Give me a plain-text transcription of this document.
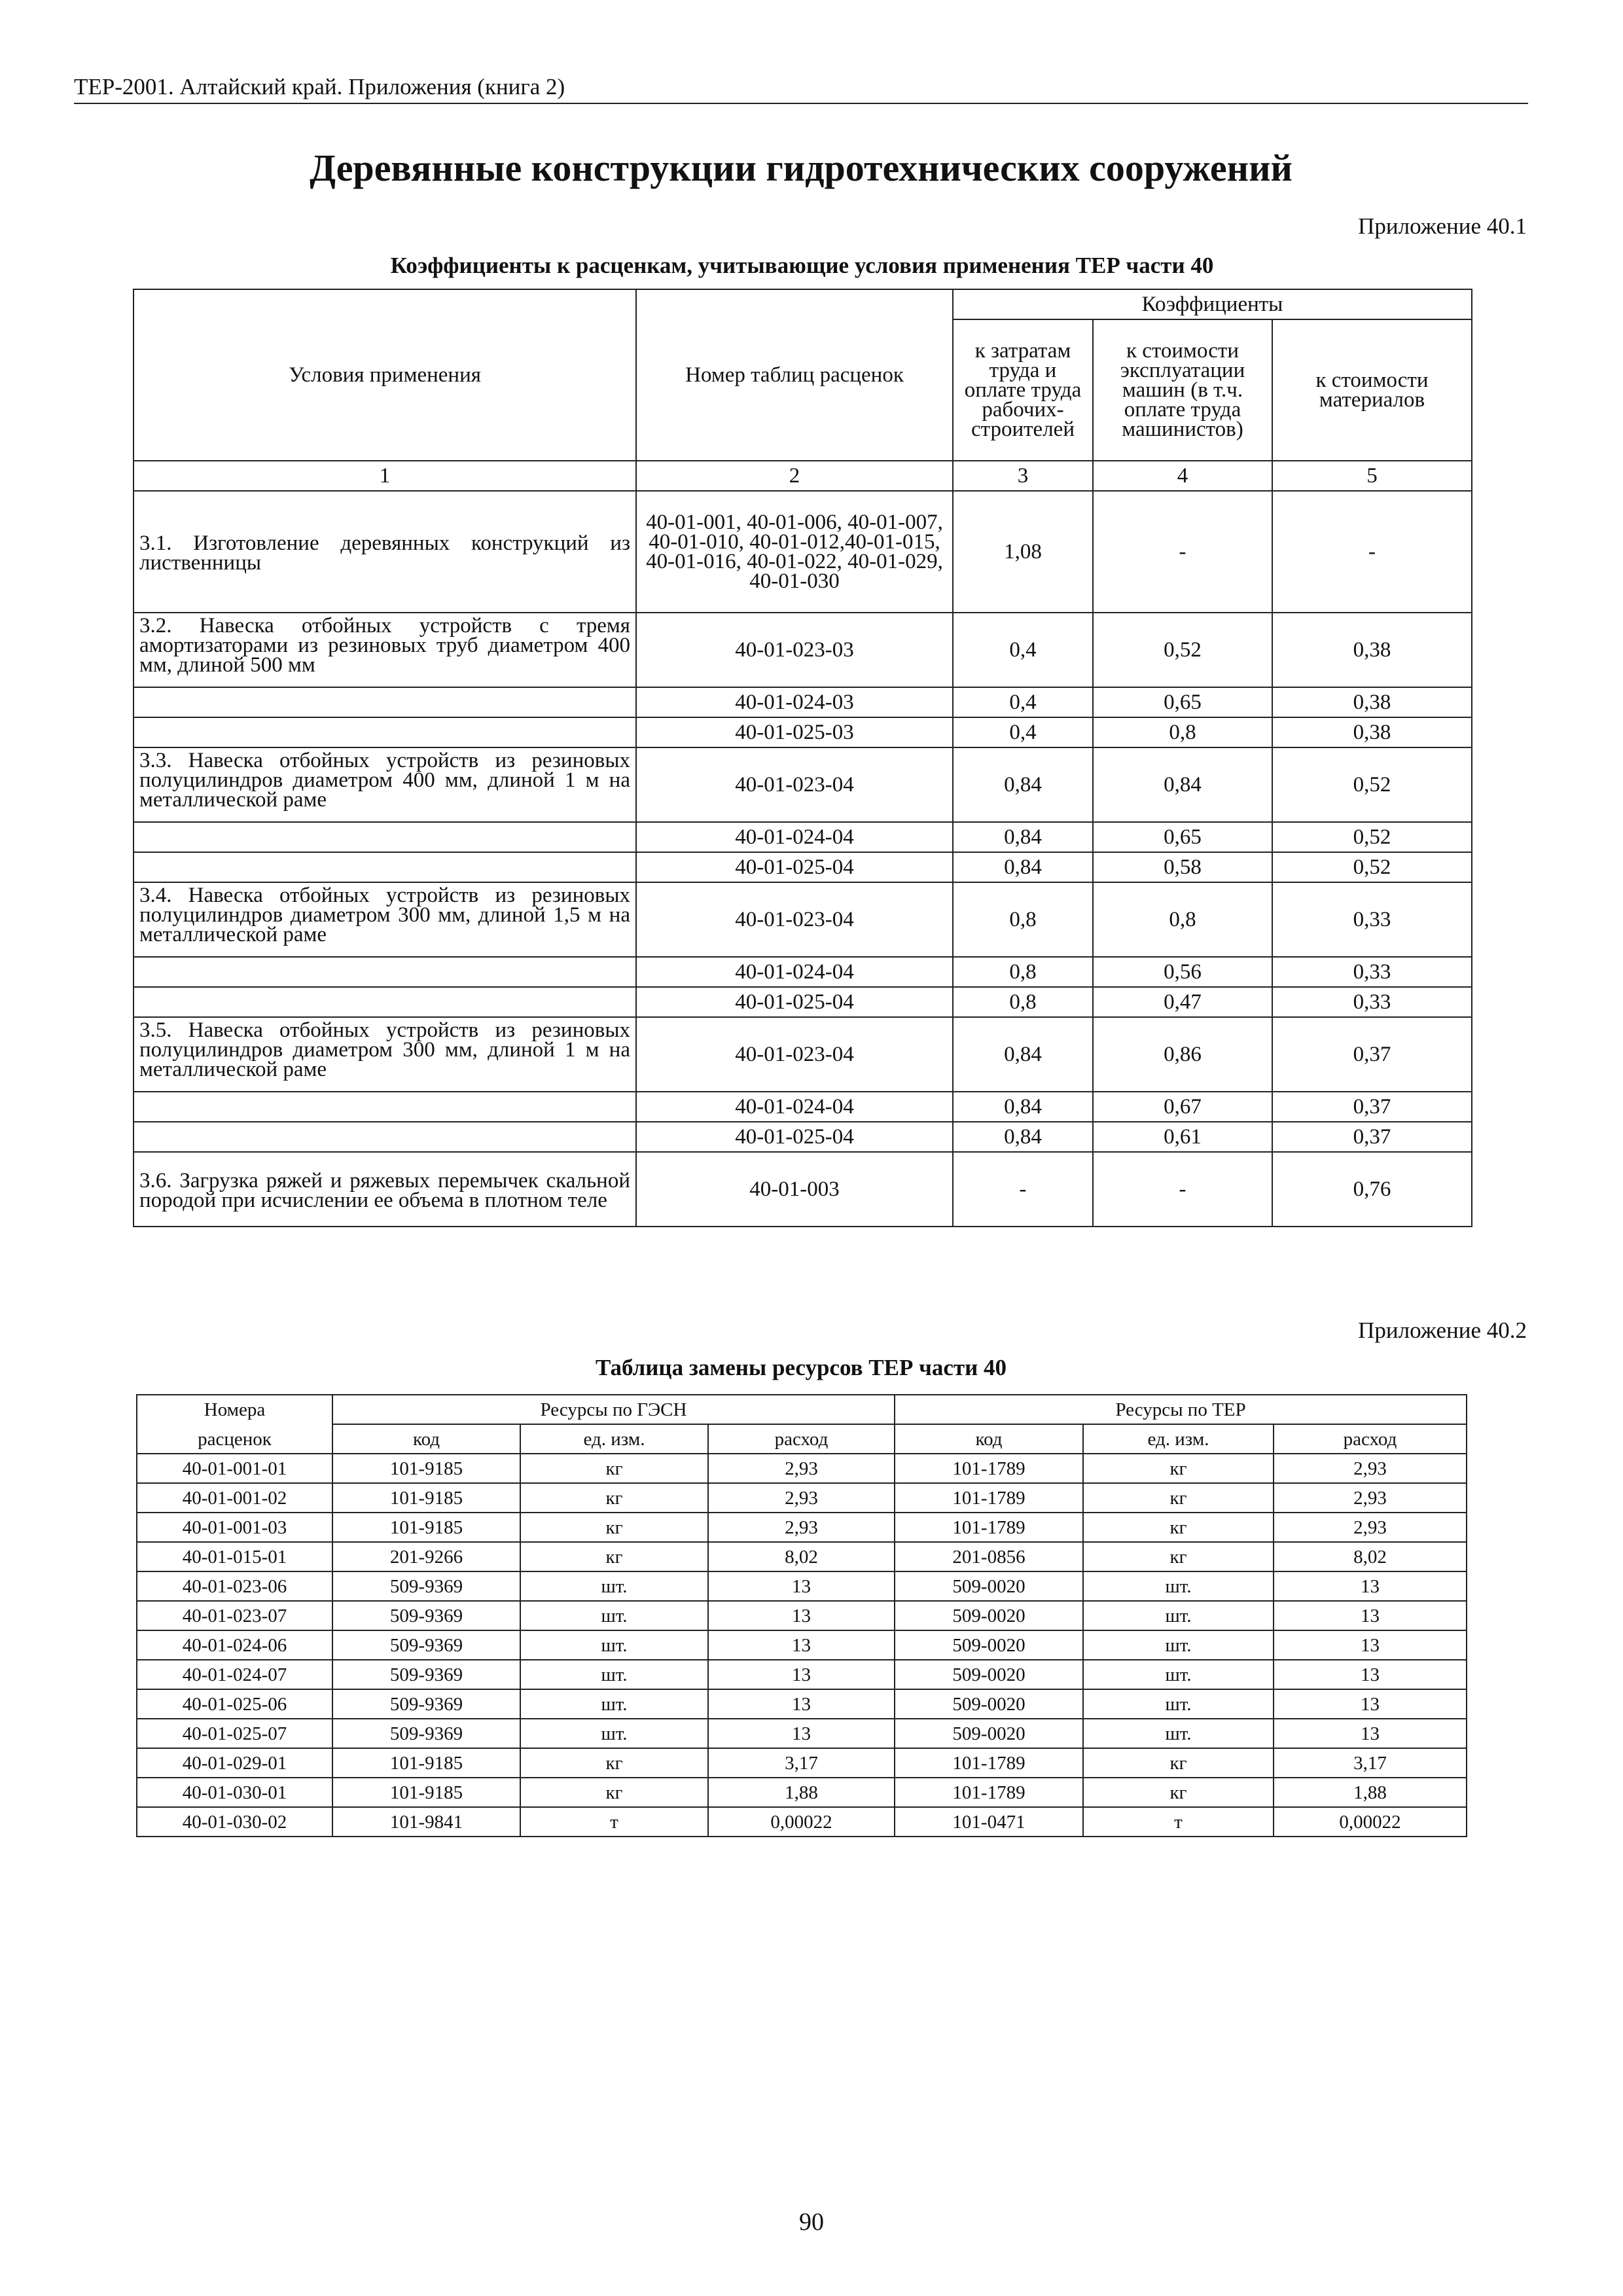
ТЕР-2001. Алтайский край. Приложения (книга 2)
Деревянные конструкции гидротехнических сооружений
Приложение 40.1
Коэффициенты к расценкам, учитывающие условия применения ТЕР части 40
Условия применения	Номер таблиц расценок	Коэффициенты		
		к затратам труда и оплате труда рабочих-строителей	к стоимости эксплуатации машин (в т.ч. оплате труда машинистов)	к стоимости материалов
1	2	3	4	5
3.1. Изготовление деревянных конструкций из лиственницы	40-01-001, 40-01-006, 40-01-007, 40-01-010, 40-01-012,40-01-015, 40-01-016, 40-01-022, 40-01-029, 40-01-030	1,08	-	-
3.2. Навеска отбойных устройств с тремя амортизаторами из резиновых труб диаметром 400 мм, длиной 500 мм	40-01-023-03	0,4	0,52	0,38
	40-01-024-03	0,4	0,65	0,38
	40-01-025-03	0,4	0,8	0,38
3.3. Навеска отбойных устройств из резиновых полуцилиндров диаметром 400 мм, длиной 1 м на металлической раме	40-01-023-04	0,84	0,84	0,52
	40-01-024-04	0,84	0,65	0,52
	40-01-025-04	0,84	0,58	0,52
3.4. Навеска отбойных устройств из резиновых полуцилиндров диаметром 300 мм, длиной 1,5 м на металлической раме	40-01-023-04	0,8	0,8	0,33
	40-01-024-04	0,8	0,56	0,33
	40-01-025-04	0,8	0,47	0,33
3.5. Навеска отбойных устройств из резиновых полуцилиндров диаметром 300 мм, длиной 1 м на металлической раме	40-01-023-04	0,84	0,86	0,37
	40-01-024-04	0,84	0,67	0,37
	40-01-025-04	0,84	0,61	0,37
3.6. Загрузка ряжей и ряжевых перемычек скальной породой при исчислении ее объема в плотном теле	40-01-003	-	-	0,76
Приложение 40.2
Таблица замены ресурсов ТЕР части 40
Номера	Ресурсы по ГЭСН			Ресурсы по ТЕР		
расценок	код	ед. изм.	расход	код	ед. изм.	расход
40-01-001-01	101-9185	кг	2,93	101-1789	кг	2,93
40-01-001-02	101-9185	кг	2,93	101-1789	кг	2,93
40-01-001-03	101-9185	кг	2,93	101-1789	кг	2,93
40-01-015-01	201-9266	кг	8,02	201-0856	кг	8,02
40-01-023-06	509-9369	шт.	13	509-0020	шт.	13
40-01-023-07	509-9369	шт.	13	509-0020	шт.	13
40-01-024-06	509-9369	шт.	13	509-0020	шт.	13
40-01-024-07	509-9369	шт.	13	509-0020	шт.	13
40-01-025-06	509-9369	шт.	13	509-0020	шт.	13
40-01-025-07	509-9369	шт.	13	509-0020	шт.	13
40-01-029-01	101-9185	кг	3,17	101-1789	кг	3,17
40-01-030-01	101-9185	кг	1,88	101-1789	кг	1,88
40-01-030-02	101-9841	т	0,00022	101-0471	т	0,00022
90
